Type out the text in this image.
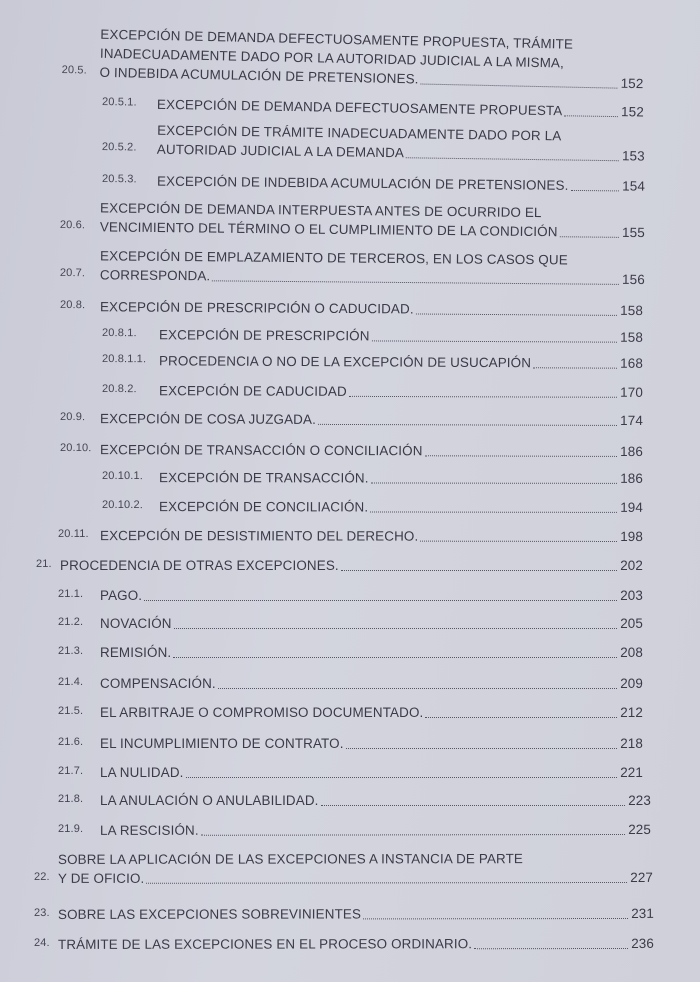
20.5.
EXCEPCIÓN DE DEMANDA DEFECTUOSAMENTE PROPUESTA, TRÁMITE
INADECUADAMENTE DADO POR LA AUTORIDAD JUDICIAL A LA MISMA,
O INDEBIDA ACUMULACIÓN DE PRETENSIONES.	152
20.5.1.	EXCEPCIÓN DE DEMANDA DEFECTUOSAMENTE PROPUESTA	152
20.5.2.
EXCEPCIÓN DE TRÁMITE INADECUADAMENTE DADO POR LA
AUTORIDAD JUDICIAL A LA DEMANDA	153
20.5.3.	EXCEPCIÓN DE INDEBIDA ACUMULACIÓN DE PRETENSIONES.	154
20.6.
EXCEPCIÓN DE DEMANDA INTERPUESTA ANTES DE OCURRIDO EL
VENCIMIENTO DEL TÉRMINO O EL CUMPLIMIENTO DE LA CONDICIÓN	155
20.7.
EXCEPCIÓN DE EMPLAZAMIENTO DE TERCEROS, EN LOS CASOS QUE
CORRESPONDA.	156
20.8.	EXCEPCIÓN DE PRESCRIPCIÓN O CADUCIDAD.	158
20.8.1.	EXCEPCIÓN DE PRESCRIPCIÓN	158
20.8.1.1. PROCEDENCIA O NO DE LA EXCEPCIÓN DE USUCAPIÓN	168
20.8.2.	EXCEPCIÓN DE CADUCIDAD	170
20.9.	EXCEPCIÓN DE COSA JUZGADA.	174
20.10. EXCEPCIÓN DE TRANSACCIÓN O CONCILIACIÓN	186
20.10.1.	EXCEPCIÓN DE TRANSACCIÓN.	186
20.10.2.	EXCEPCIÓN DE CONCILIACIÓN.	194
20.11. EXCEPCIÓN DE DESISTIMIENTO DEL DERECHO.	198
21. PROCEDENCIA DE OTRAS EXCEPCIONES.	202
21.1.	PAGO.	203
21.2.	NOVACIÓN	205
21.3.	REMISIÓN.	208
21.4.	COMPENSACIÓN.	209
21.5.	EL ARBITRAJE O COMPROMISO DOCUMENTADO.	212
21.6.	EL INCUMPLIMIENTO DE CONTRATO.	218
21.7.	LA NULIDAD.	221
21.8.	LA ANULACIÓN O ANULABILIDAD.	223
21.9.	LA RESCISIÓN.	225
22.
SOBRE LA APLICACIÓN DE LAS EXCEPCIONES A INSTANCIA DE PARTE
Y DE OFICIO.	227
23. SOBRE LAS EXCEPCIONES SOBREVINIENTES	231
24. TRÁMITE DE LAS EXCEPCIONES EN EL PROCESO ORDINARIO.	236
